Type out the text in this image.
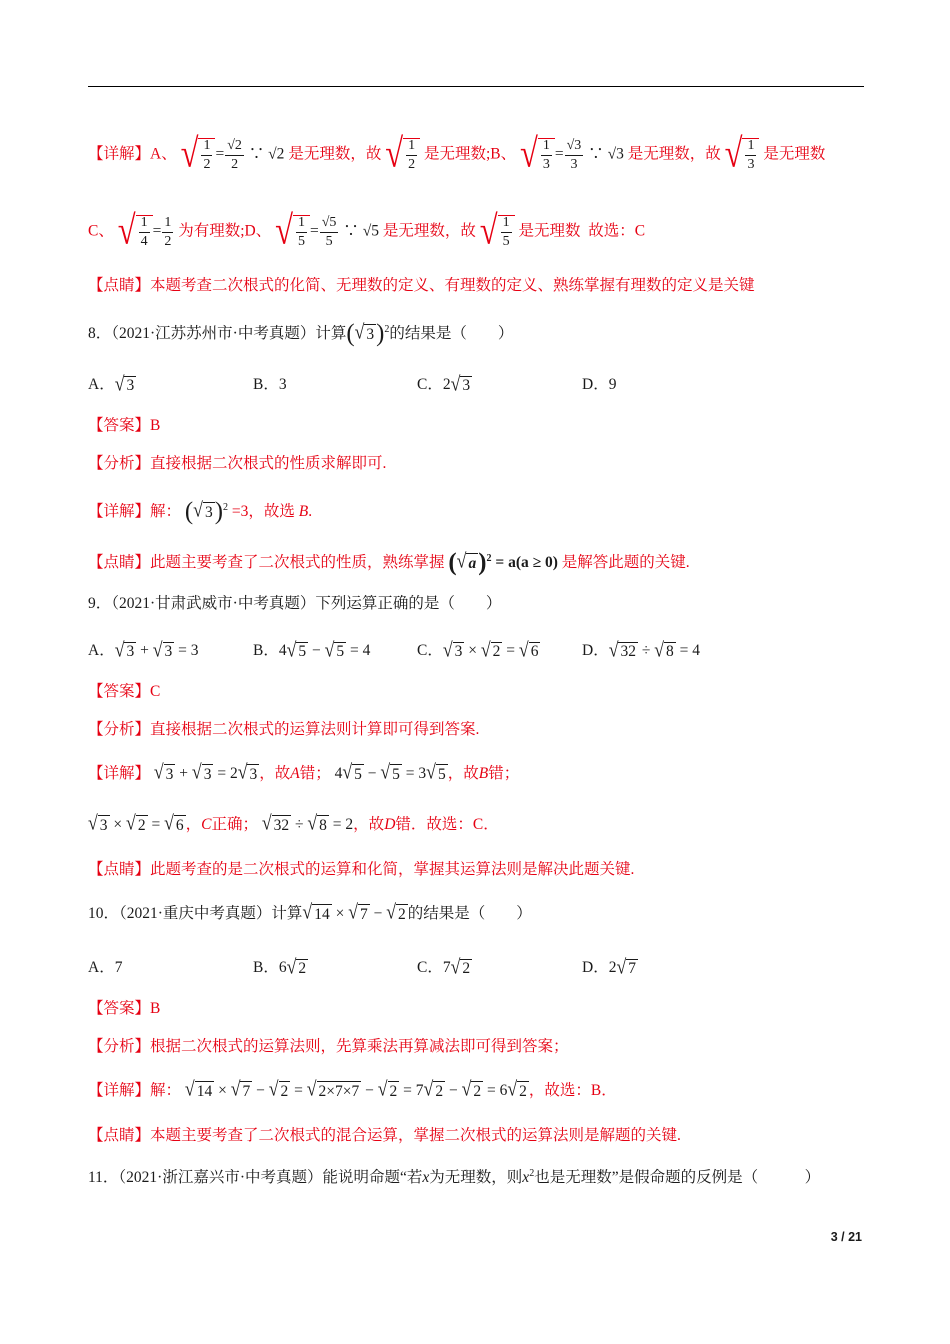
【详解】A、 √ $\frac{1}{2} = \frac{√2}{2}$ ∵ √2 是无理数，故 √ $\frac{1}{2}$ 是无理数;B、 √ $\frac{1}{3} = \frac{√3}{3}$ ∵ √3 是无理数，故 √ $\frac{1}{3}$ 是无理数
C、 √ $\frac{1}{4} = \frac{1}{2}$ 为有理数;D、 √ $\frac{1}{5} = \frac{√5}{5}$ ∵ √5 是无理数，故 √ $\frac{1}{5}$ 是无理数 故选：C
【点睛】本题考查二次根式的化简、无理数的定义、有理数的定义、熟练掌握有理数的定义是关键
8．（2021·江苏苏州市·中考真题）计算( √ 3 )$^2$的结果是（　　）
A． √ 3	B．3	C．2 √ 3	D．9
【答案】B
【分析】直接根据二次根式的性质求解即可.
【详解】解： ( √ 3 )$^2$ =3，故选 B.
【点睛】此题主要考查了二次根式的性质，熟练掌握 ( √ a )$^2$ = a(a ≥ 0) 是解答此题的关键.
9．（2021·甘肃武威市·中考真题）下列运算正确的是（　　）
A． √ 3 + √ 3 = 3	B．4 √ 5 − √ 5 = 4	C． √ 3 × √ 2 = √ 6	D． √ 32 ÷ √ 8 = 4
【答案】C
【分析】直接根据二次根式的运算法则计算即可得到答案.
【详解】 √ 3 + √ 3 = 2 √ 3 ，故A错； 4 √ 5 − √ 5 = 3 √ 5 ，故B错；
√ 3 × √ 2 = √ 6 ，C正确； √ 32 ÷ √ 8 = 2，故D错．故选：C．
【点睛】此题考查的是二次根式的运算和化简，掌握其运算法则是解决此题关键.
10．（2021·重庆中考真题）计算 √ 14 × √ 7 − √ 2 的结果是（　　）
A．7	B．6 √ 2	C．7 √ 2	D．2 √ 7
【答案】B
【分析】根据二次根式的运算法则，先算乘法再算减法即可得到答案；
【详解】解： √ 14 × √ 7 − √ 2 = √ 2×7×7 − √ 2 = 7 √ 2 − √ 2 = 6 √ 2 ，故选：B．
【点睛】本题主要考查了二次根式的混合运算，掌握二次根式的运算法则是解题的关键.
11．（2021·浙江嘉兴市·中考真题）能说明命题“若x为无理数，则$x^2$也是无理数”是假命题的反例是（　　　）
3 / 21
